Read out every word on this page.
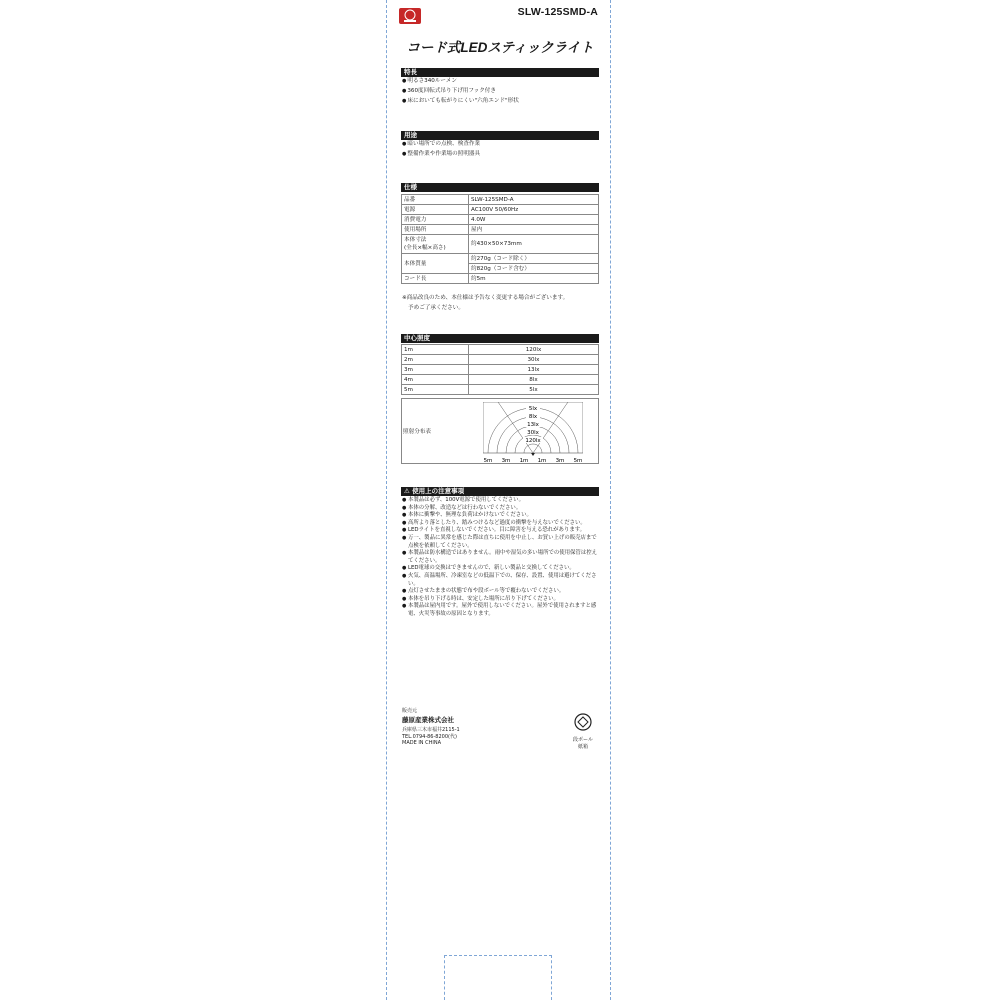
SLW-125SMD-A
コード式LEDスティックライト
特長
● 明るさ340ルーメン
● 360度回転式吊り下げ用フック付き
● 床においても転がりにくい"六角エンド"形状
用途
● 暗い場所での点検、検査作業
● 整備作業や作業場の照明器具
仕様
品番	SLW-125SMD-A
電源	AC100V 50/60Hz
消費電力	4.0W
使用場所	屋内
本体寸法
(全長×幅×高さ)	約430×50×73mm
本体質量	約270g（コード除く）
	約820g（コード含む）
コード長	約5m
※商品改良のため、本仕様は予告なく変更する場合がございます。
予めご了承ください。
中心照度
1m	120lx
2m	30lx
3m	13lx
4m	8lx
5m	5lx
照射分布表
5lx
8lx
13lx
30lx
120lx
5m 3m 1m 1m 3m 5m
⚠ 使用上の注意事項
● 本製品は必ず、100V電源で使用してください。
● 本体の分解、改造などは行わないでください。
● 本体に衝撃や、無理な負荷はかけないでください。
● 高所より落としたり、踏みつけるなど過度の衝撃を与えないでください。
● LEDライトを直視しないでください。目に障害を与える恐れがあります。
● 万一、製品に異常を感じた際は直ちに使用を中止し、お買い上げの販売店まで点検を依頼してください。
● 本製品は防水構造ではありません。雨中や湿気の多い場所での使用保管は控えてください。
● LED電球の交換はできませんので、新しい製品と交換してください。
● 火気、高温場所、冷凍室などの低温下での、保存、設置、使用は避けてください。
● 点灯させたままの状態で布や段ボール等で覆わないでください。
● 本体を吊り下げる時は、安定した場所に吊り下げてください。
● 本製品は屋内用です。屋外で使用しないでください。屋外で使用されますと感電、火災等事故の原因となります。
販売元
藤原産業株式会社
兵庫県三木市福井2115-1
TEL.0794-86-8200(代)
MADE IN CHINA	段ボール
紙箱
